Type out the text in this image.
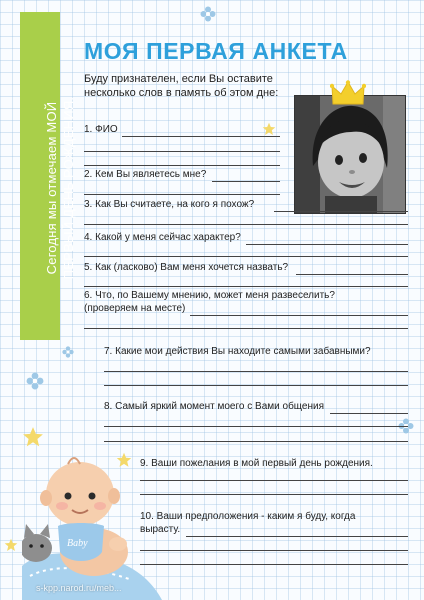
Сегодня мы отмечаем МОЙ ПЕРВЫЙ ДЕНЬ РОЖДЕНИЯ.
МОЯ ПЕРВАЯ АНКЕТА
Буду признателен, если Вы оставите несколько слов в память об этом дне:
1. ФИО
2. Кем Вы являетесь мне?
3. Как Вы считаете, на кого я похож?
4. Какой у меня сейчас характер?
5. Как (ласково) Вам меня хочется назвать?
6. Что, по Вашему мнению, может меня развеселить?
(проверяем на месте)
7. Какие мои действия Вы находите самыми забавными?
8. Самый яркий момент моего с Вами общения
9. Ваши пожелания в мой первый день рождения.
10. Ваши предположения - каким я буду, когда
вырасту.
Baby
s-kpp.narod.ru/meb...
